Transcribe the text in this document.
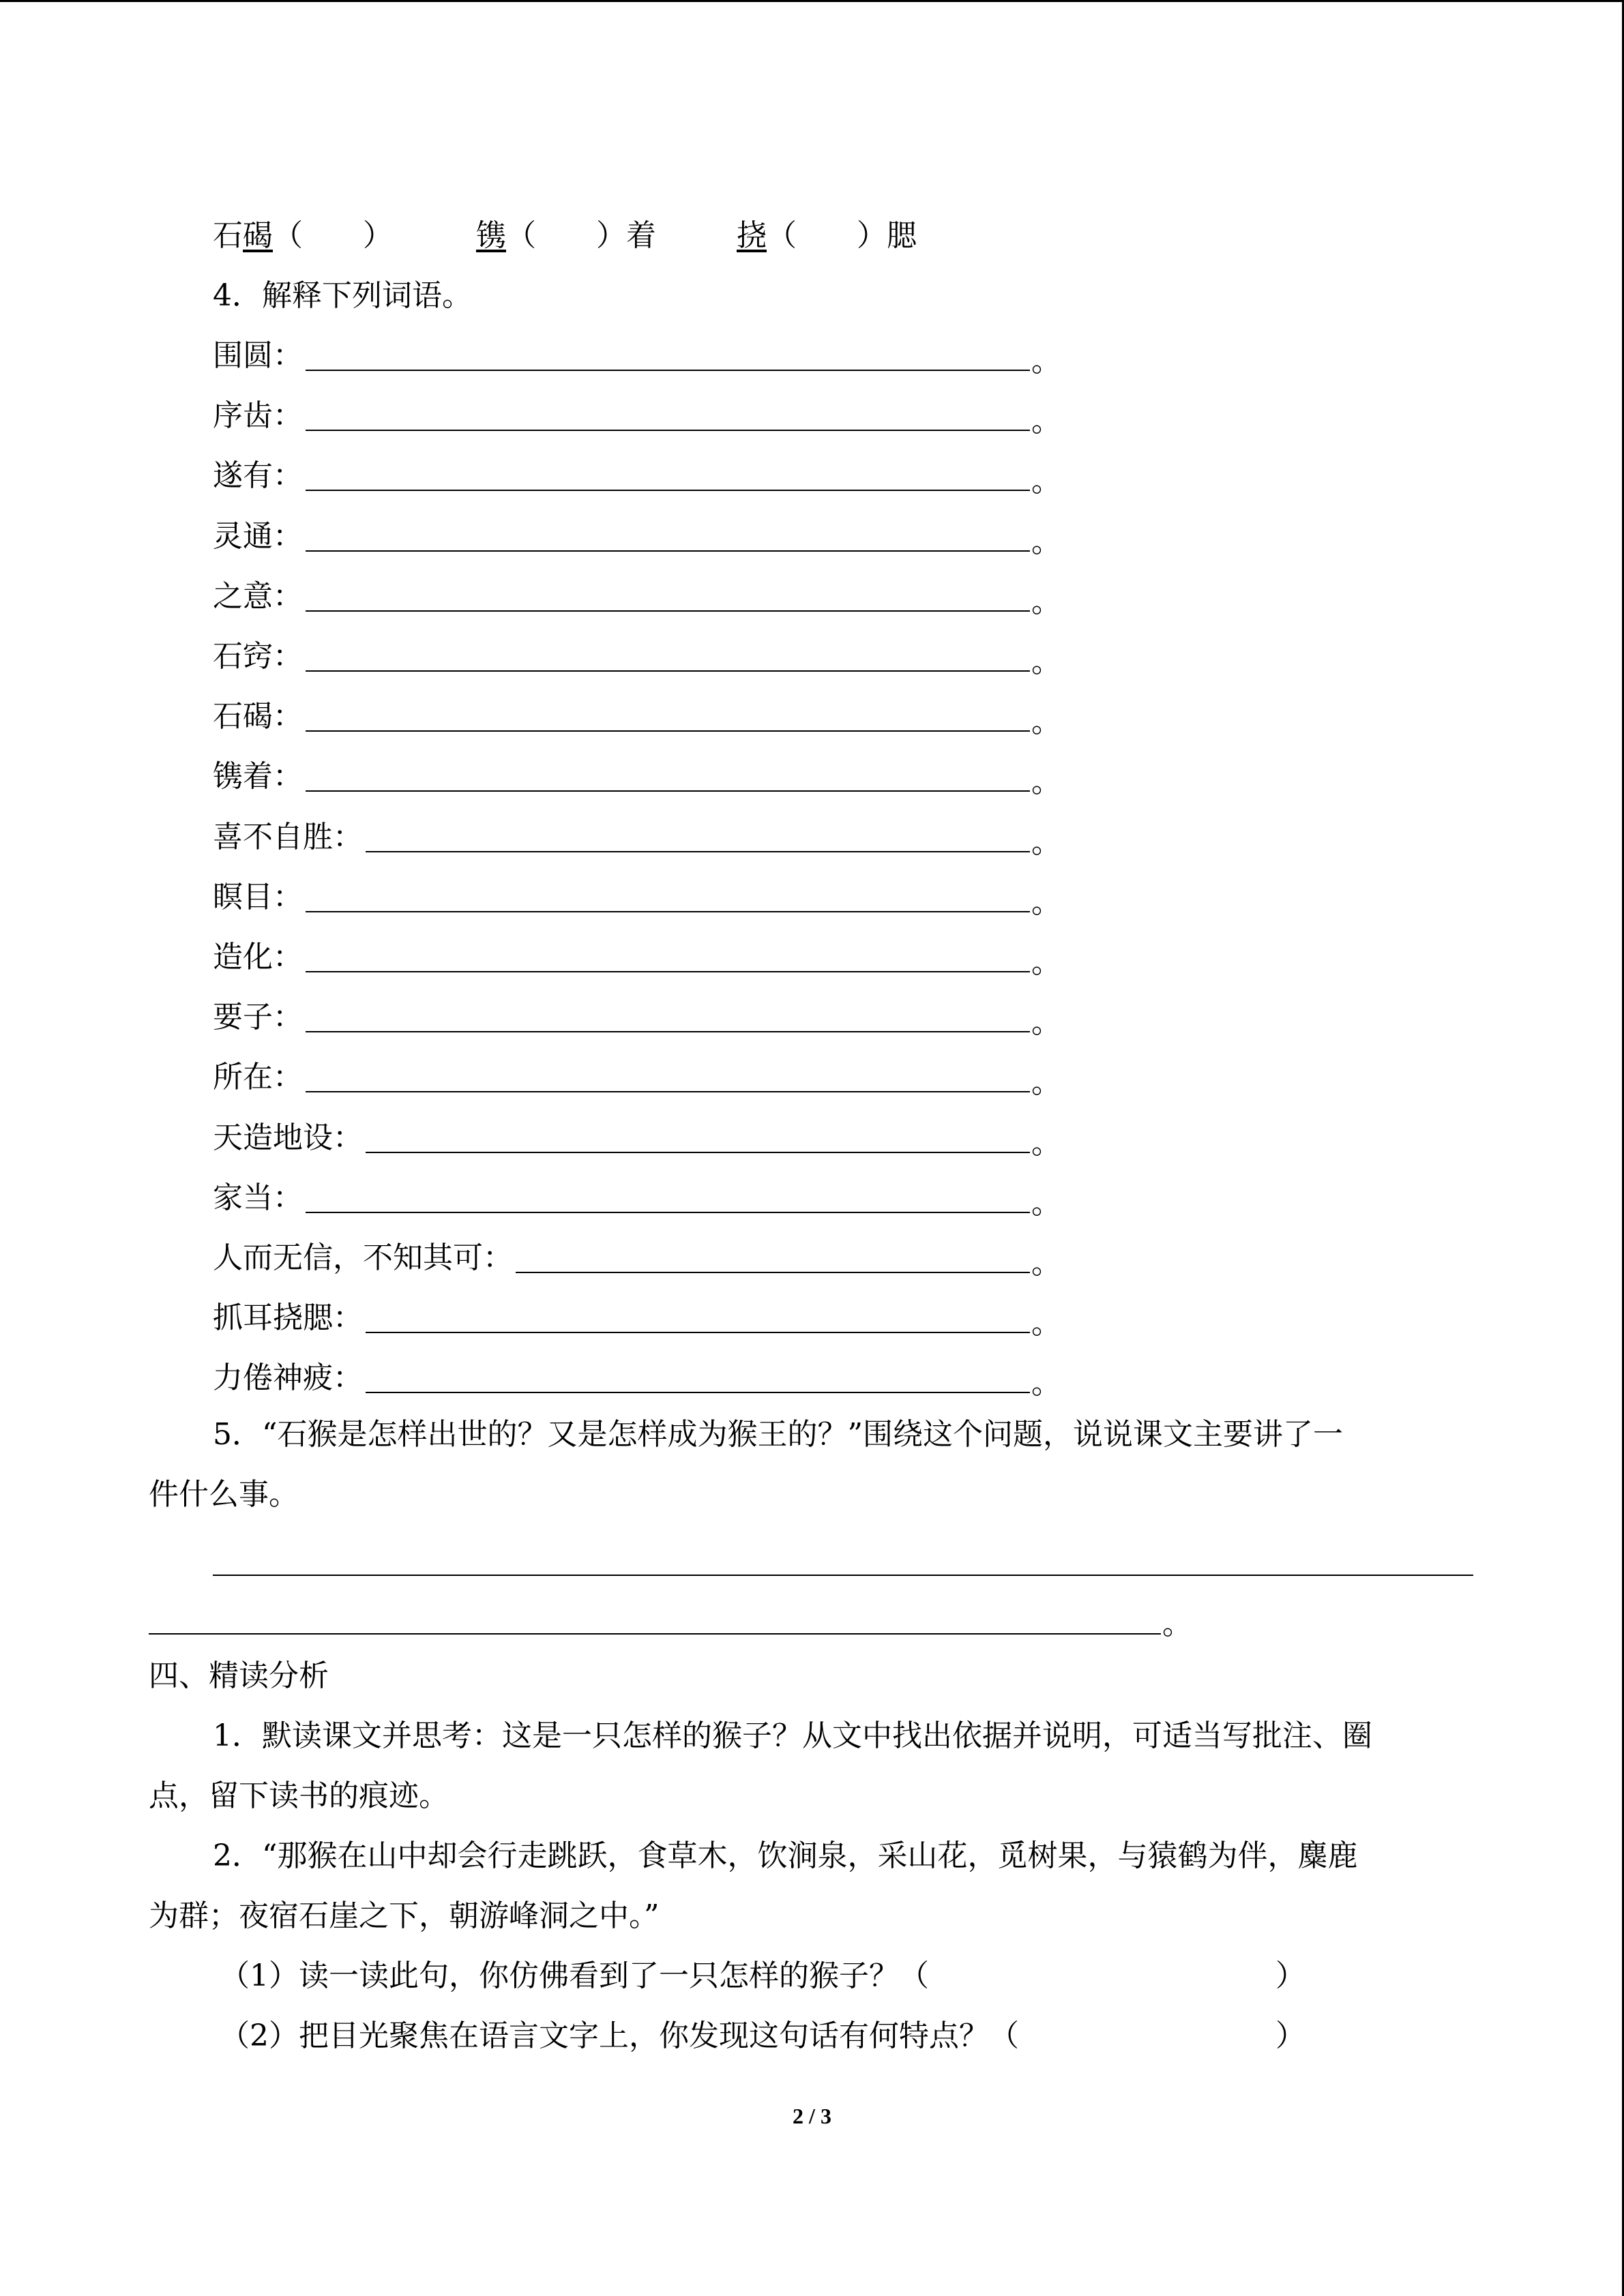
石碣（　　）	镌（　　）着	挠（　　）腮
4．解释下列词语。
围圆：	。
序齿：	。
遂有：	。
灵通：	。
之意：	。
石窍：	。
石碣：	。
镌着：	。
喜不自胜：	。
瞑目：	。
造化：	。
要子：	。
所在：	。
天造地设：	。
家当：	。
人而无信，不知其可：	。
抓耳挠腮：	。
力倦神疲：	。
5．“石猴是怎样出世的？又是怎样成为猴王的？”围绕这个问题，说说课文主要讲了一
件什么事。
。
四、精读分析
1．默读课文并思考：这是一只怎样的猴子？从文中找出依据并说明，可适当写批注、圈
点，留下读书的痕迹。
2．“那猴在山中却会行走跳跃，食草木，饮涧泉，采山花，觅树果，与猿鹤为伴，麋鹿
为群；夜宿石崖之下，朝游峰洞之中。”
（1）读一读此句，你仿佛看到了一只怎样的猴子？（	）
（2）把目光聚焦在语言文字上，你发现这句话有何特点？（	）
2 / 3
